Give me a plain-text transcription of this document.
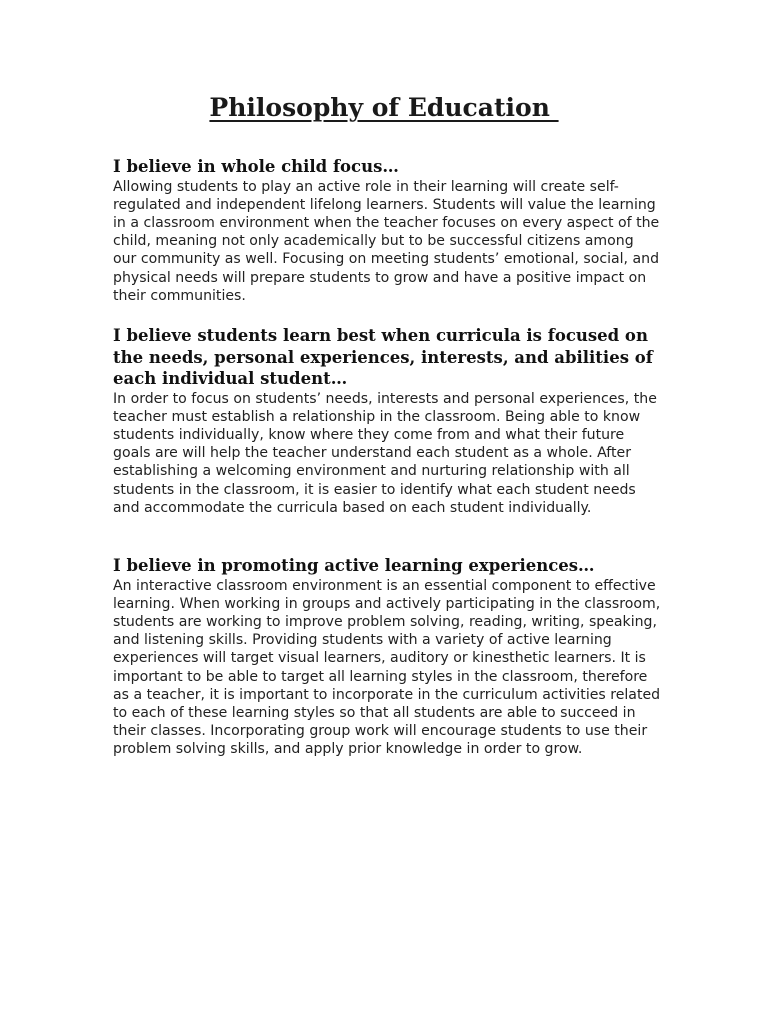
Philosophy of Education
I believe in whole child focus…

Allowing students to play an active role in their learning will create self-regulated and independent lifelong learners. Students will value the learning in a classroom environment when the teacher focuses on every aspect of the child, meaning not only academically but to be successful citizens among our community as well. Focusing on meeting students’ emotional, social, and physical needs will prepare students to grow and have a positive impact on their communities.

I believe students learn best when curricula is focused on the needs, personal experiences, interests, and abilities of each individual student…

In order to focus on students’ needs, interests and personal experiences, the teacher must establish a relationship in the classroom. Being able to know students individually, know where they come from and what their future goals are will help the teacher understand each student as a whole. After establishing a welcoming environment and nurturing relationship with all students in the classroom, it is easier to identify what each student needs and accommodate the curricula based on each student individually.

I believe in promoting active learning experiences…

An interactive classroom environment is an essential component to effective learning. When working in groups and actively participating in the classroom, students are working to improve problem solving, reading, writing, speaking, and listening skills. Providing students with a variety of active learning experiences will target visual learners, auditory or kinesthetic learners. It is important to be able to target all learning styles in the classroom, therefore as a teacher, it is important to incorporate in the curriculum activities related to each of these learning styles so that all students are able to succeed in their classes. Incorporating group work will encourage students to use their problem solving skills, and apply prior knowledge in order to grow.
